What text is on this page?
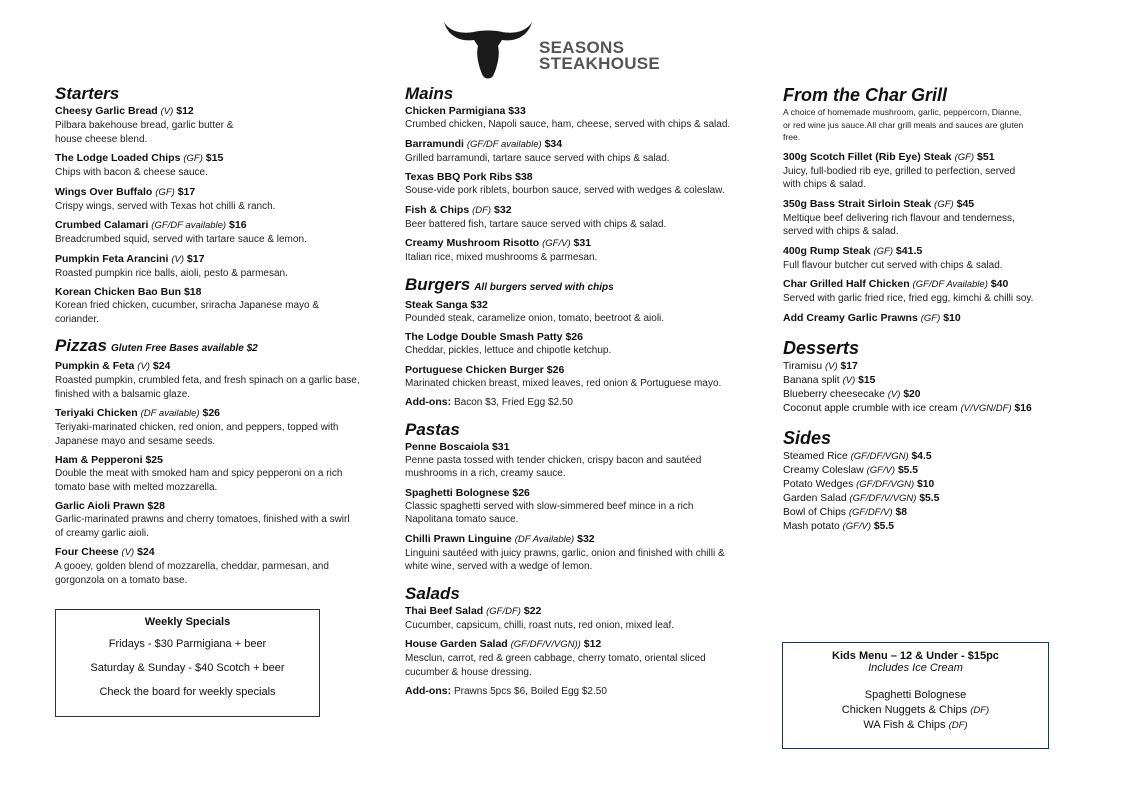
SEASONS
STEAKHOUSE
Starters
Cheesy Garlic Bread (V) $12
Pilbara bakehouse bread, garlic butter &
house cheese blend.
The Lodge Loaded Chips (GF) $15
Chips with bacon & cheese sauce.
Wings Over Buffalo (GF) $17
Crispy wings, served with Texas hot chilli & ranch.
Crumbed Calamari (GF/DF available) $16
Breadcrumbed squid, served with tartare sauce & lemon.
Pumpkin Feta Arancini (V) $17
Roasted pumpkin rice balls, aioli, pesto & parmesan.
Korean Chicken Bao Bun $18
Korean fried chicken, cucumber, sriracha Japanese mayo &
coriander.
Pizzas Gluten Free Bases available $2
Pumpkin & Feta (V) $24
Roasted pumpkin, crumbled feta, and fresh spinach on a garlic base,
finished with a balsamic glaze.
Teriyaki Chicken (DF available) $26
Teriyaki-marinated chicken, red onion, and peppers, topped with
Japanese mayo and sesame seeds.
Ham & Pepperoni $25
Double the meat with smoked ham and spicy pepperoni on a rich
tomato base with melted mozzarella.
Garlic Aioli Prawn $28
Garlic-marinated prawns and cherry tomatoes, finished with a swirl
of creamy garlic aioli.
Four Cheese (V) $24
A gooey, golden blend of mozzarella, cheddar, parmesan, and
gorgonzola on a tomato base.
Weekly Specials
Fridays - $30 Parmigiana + beer
Saturday & Sunday - $40 Scotch + beer
Check the board for weekly specials
Mains
Chicken Parmigiana $33
Crumbed chicken, Napoli sauce, ham, cheese, served with chips & salad.
Barramundi (GF/DF available) $34
Grilled barramundi, tartare sauce served with chips & salad.
Texas BBQ Pork Ribs $38
Souse-vide pork riblets, bourbon sauce, served with wedges & coleslaw.
Fish & Chips (DF) $32
Beer battered fish, tartare sauce served with chips & salad.
Creamy Mushroom Risotto (GF/V) $31
Italian rice, mixed mushrooms & parmesan.
Burgers All burgers served with chips
Steak Sanga $32
Pounded steak, caramelize onion, tomato, beetroot & aioli.
The Lodge Double Smash Patty $26
Cheddar, pickles, lettuce and chipotle ketchup.
Portuguese Chicken Burger $26
Marinated chicken breast, mixed leaves, red onion & Portuguese mayo.
Add-ons: Bacon $3, Fried Egg $2.50
Pastas
Penne Boscaiola $31
Penne pasta tossed with tender chicken, crispy bacon and sautéed
mushrooms in a rich, creamy sauce.
Spaghetti Bolognese $26
Classic spaghetti served with slow-simmered beef mince in a rich
Napolitana tomato sauce.
Chilli Prawn Linguine (DF Available) $32
Linguini sautéed with juicy prawns, garlic, onion and finished with chilli &
white wine, served with a wedge of lemon.
Salads
Thai Beef Salad (GF/DF) $22
Cucumber, capsicum, chilli, roast nuts, red onion, mixed leaf.
House Garden Salad (GF/DF/V/VGN)) $12
Mesclun, carrot, red & green cabbage, cherry tomato, oriental sliced
cucumber & house dressing.
Add-ons: Prawns 5pcs $6, Boiled Egg $2.50
From the Char Grill
A choice of homemade mushroom, garlic, peppercorn, Dianne,
or red wine jus sauce.All char grill meals and sauces are gluten
free.
300g Scotch Fillet (Rib Eye) Steak (GF) $51
Juicy, full-bodied rib eye, grilled to perfection, served
with chips & salad.
350g Bass Strait Sirloin Steak (GF) $45
Meltique beef delivering rich flavour and tenderness,
served with chips & salad.
400g Rump Steak (GF) $41.5
Full flavour butcher cut served with chips & salad.
Char Grilled Half Chicken (GF/DF Available) $40
Served with garlic fried rice, fried egg, kimchi & chilli soy.
Add Creamy Garlic Prawns (GF) $10
Desserts
Tiramisu (V) $17
Banana split (V) $15
Blueberry cheesecake (V) $20
Coconut apple crumble with ice cream (V/VGN/DF) $16
Sides
Steamed Rice (GF/DF/VGN) $4.5
Creamy Coleslaw (GF/V) $5.5
Potato Wedges (GF/DF/VGN) $10
Garden Salad (GF/DF/V/VGN) $5.5
Bowl of Chips (GF/DF/V) $8
Mash potato (GF/V) $5.5
Kids Menu – 12 & Under - $15pc
Includes Ice Cream
Spaghetti Bolognese
Chicken Nuggets & Chips (DF)
WA Fish & Chips (DF)
